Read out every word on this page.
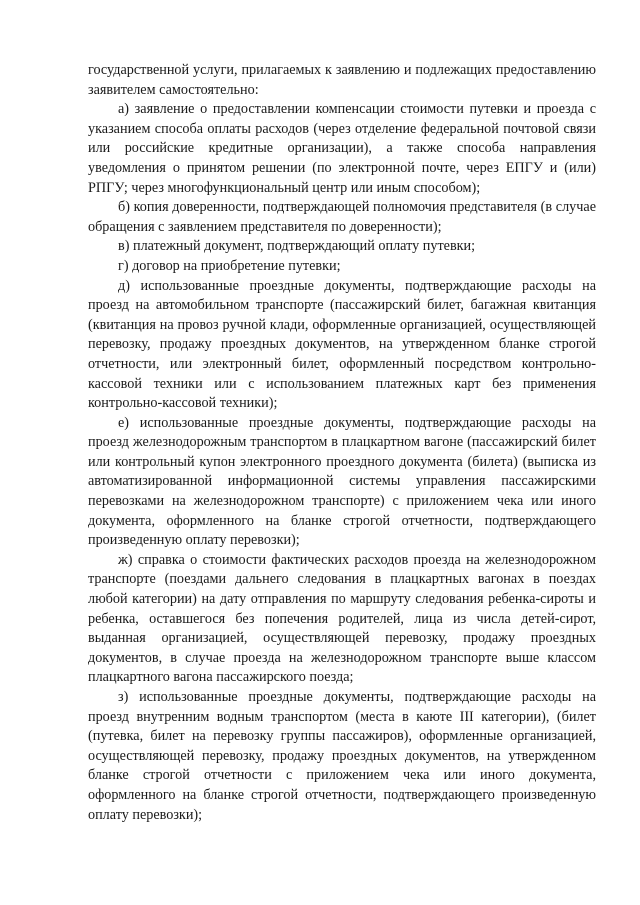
государственной услуги, прилагаемых к заявлению и подлежащих предоставлению заявителем самостоятельно:

а) заявление о предоставлении компенсации стоимости путевки и проезда с указанием способа оплаты расходов (через отделение федеральной почтовой связи или российские кредитные организации), а также способа направления уведомления о принятом решении (по электронной почте, через ЕПГУ и (или) РПГУ; через многофункциональный центр или иным способом);

б) копия доверенности, подтверждающей полномочия представителя (в случае обращения с заявлением представителя по доверенности);

в) платежный документ, подтверждающий оплату путевки;

г) договор на приобретение путевки;

д) использованные проездные документы, подтверждающие расходы на проезд на автомобильном транспорте (пассажирский билет, багажная квитанция (квитанция на провоз ручной клади, оформленные организацией, осуществляющей перевозку, продажу проездных документов, на утвержденном бланке строгой отчетности, или электронный билет, оформленный посредством контрольно-кассовой техники или с использованием платежных карт без применения контрольно-кассовой техники);

е) использованные проездные документы, подтверждающие расходы на проезд железнодорожным транспортом в плацкартном вагоне (пассажирский билет или контрольный купон электронного проездного документа (билета) (выписка из автоматизированной информационной системы управления пассажирскими перевозками на железнодорожном транспорте) с приложением чека или иного документа, оформленного на бланке строгой отчетности, подтверждающего произведенную оплату перевозки);

ж) справка о стоимости фактических расходов проезда на железнодорожном транспорте (поездами дальнего следования в плацкартных вагонах в поездах любой категории) на дату отправления по маршруту следования ребенка-сироты и ребенка, оставшегося без попечения родителей, лица из числа детей-сирот, выданная организацией, осуществляющей перевозку, продажу проездных документов, в случае проезда на железнодорожном транспорте выше классом плацкартного вагона пассажирского поезда;

з) использованные проездные документы, подтверждающие расходы на проезд внутренним водным транспортом (места в каюте III категории), (билет (путевка, билет на перевозку группы пассажиров), оформленные организацией, осуществляющей перевозку, продажу проездных документов, на утвержденном бланке строгой отчетности с приложением чека или иного документа, оформленного на бланке строгой отчетности, подтверждающего произведенную оплату перевозки);
